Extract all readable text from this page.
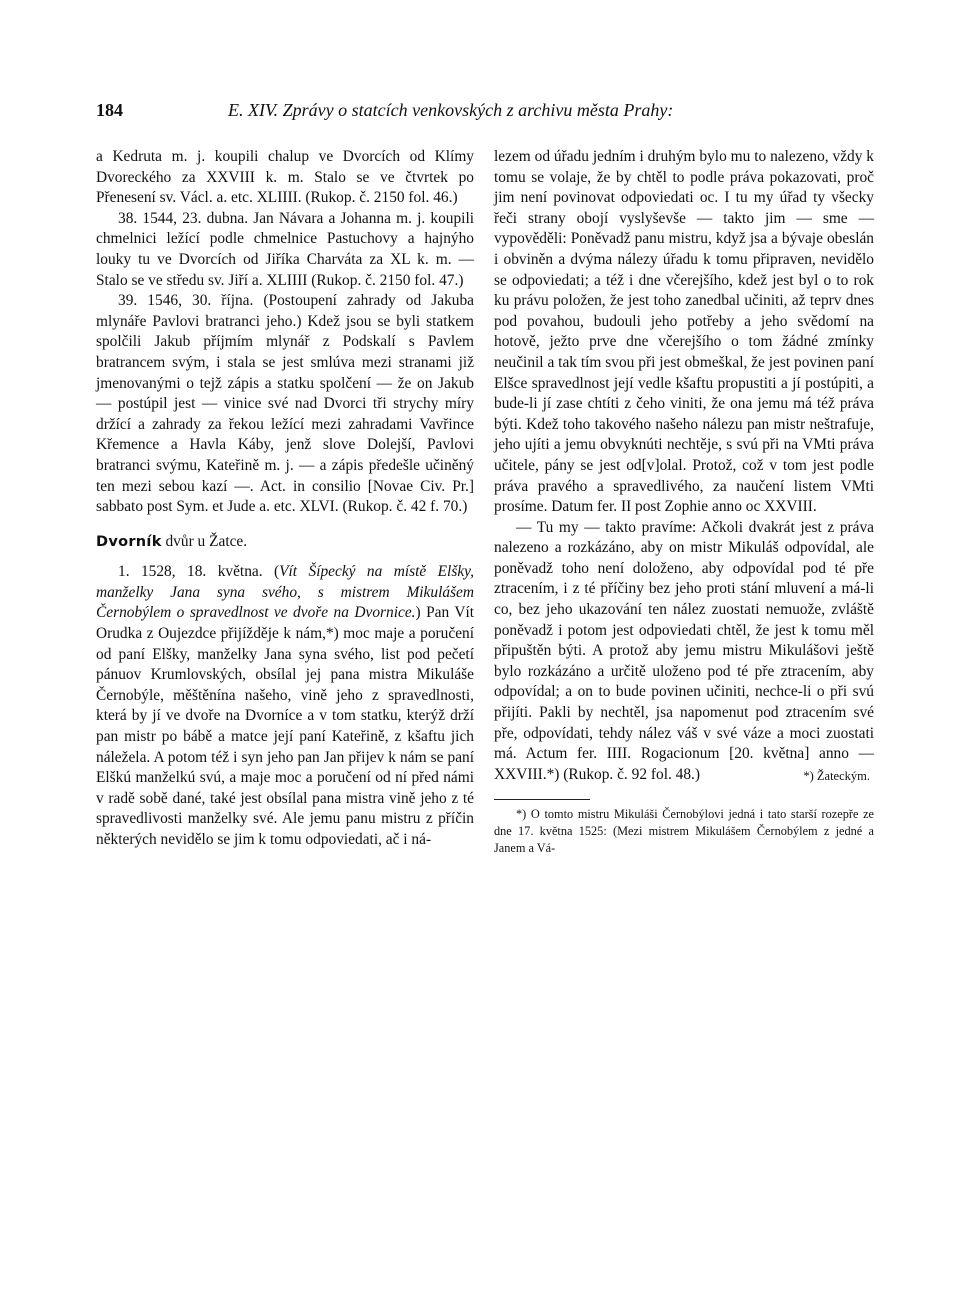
184	E. XIV. Zprávy o statcích venkovských z archivu města Prahy:

a Kedruta m. j. koupili chalup ve Dvorcích od Klímy Dvoreckého za XXVIII k. m. Stalo se ve čtvrtek po Přenesení sv. Václ. a. etc. XLIIII. (Rukop. č. 2150 fol. 46.)

38. 1544, 23. dubna. Jan Návara a Johanna m. j. koupili chmelnici ležící podle chmelnice Pastuchovy a hajnýho louky tu ve Dvorcích od Jiříka Charváta za XL k. m. — Stalo se ve středu sv. Jiří a. XLIIII (Rukop. č. 2150 fol. 47.)

39. 1546, 30. října. (Postoupení zahrady od Jakuba mlynáře Pavlovi bratranci jeho.) Kdež jsou se byli statkem spolčili Jakub příjmím mlynář z Podskalí s Pavlem bratrancem svým, i stala se jest smlúva mezi stranami již jmenovanými o tejž zápis a statku spolčení — že on Jakub — postúpil jest — vinice své nad Dvorci tři strychy míry držící a zahrady za řekou ležící mezi zahradami Vavřince Křemence a Havla Káby, jenž slove Dolejší, Pavlovi bratranci svýmu, Kateřině m. j. — a zápis předešle učiněný ten mezi sebou kazí —. Act. in consilio [Novae Civ. Pr.] sabbato post Sym. et Jude a. etc. XLVI. (Rukop. č. 42 f. 70.)

Dvorník dvůr u Žatce.

1. 1528, 18. května. (Vít Šípecký na místě Elšky, manželky Jana syna svého, s mistrem Mikulášem Černobýlem o spravedlnost ve dvoře na Dvornice.) Pan Vít Orudka z Oujezdce přijížděje k nám,*) moc maje a poručení od paní Elšky, manželky Jana syna svého, list pod pečetí pánuov Krumlovských, obsílal jej pana mistra Mikuláše Černobýle, měštěnína našeho, vině jeho z spravedlnosti, která by jí ve dvoře na Dvorníce a v tom statku, kterýž drží pan mistr po bábě a matce její paní Kateřině, z kšaftu jich náležela. A potom též i syn jeho pan Jan přijev k nám se paní Elškú manželkú svú, a maje moc a poručení od ní před námi v radě sobě dané, také jest obsílal pana mistra vině jeho z té spravedlivosti manželky své. Ale jemu panu mistru z příčin některých nevidělo se jim k tomu odpoviedati, ač i ná-

lezem od úřadu jedním i druhým bylo mu to nalezeno, vždy k tomu se volaje, že by chtěl to podle práva pokazovati, proč jim není povinovat odpoviedati oc. I tu my úřad ty všecky řeči strany obojí vyslyševše — takto jim — sme — vypověděli: Poněvadž panu mistru, když jsa a bývaje obeslán i obviněn a dvýma nálezy úřadu k tomu připraven, nevidělo se odpoviedati; a též i dne včerejšího, kdež jest byl o to rok ku právu položen, že jest toho zanedbal učiniti, až teprv dnes pod povahou, budouli jeho potřeby a jeho svědomí na hotově, ježto prve dne včerejšího o tom žádné zmínky neučinil a tak tím svou při jest obmeškal, že jest povinen paní Elšce spravedlnost její vedle kšaftu propustiti a jí postúpiti, a bude-li jí zase chtíti z čeho viniti, že ona jemu má též práva býti. Kdež toho takového našeho nálezu pan mistr neštrafuje, jeho ujíti a jemu obvyknúti nechtěje, s svú při na VMti práva učitele, pány se jest od[v]olal. Protož, což v tom jest podle práva pravého a spravedlivého, za naučení listem VMti prosíme. Datum fer. II post Zophie anno oc XXVIII.

— Tu my — takto pravíme: Ačkoli dvakrát jest z práva nalezeno a rozkázáno, aby on mistr Mikuláš odpovídal, ale poněvadž toho není doloženo, aby odpovídal pod té pře ztracením, i z té příčiny bez jeho proti stání mluvení a má-li co, bez jeho ukazování ten nález zuostati nemuože, zvláště poněvadž i potom jest odpoviedati chtěl, že jest k tomu měl připuštěn býti. A protož aby jemu mistru Mikulášovi ještě bylo rozkázáno a určitě uloženo pod té pře ztracením, aby odpovídal; a on to bude povinen učiniti, nechce-li o při svú přijíti. Pakli by nechtěl, jsa napomenut pod ztracením své pře, odpovídati, tehdy nález váš v své váze a moci zuostati má. Actum fer. IIII. Rogacionum [20. května] anno — XXVIII.*) (Rukop. č. 92 fol. 48.)	*) Žateckým.

*) O tomto mistru Mikuláši Černobýlovi jedná i tato starší rozepře ze dne 17. května 1525: (Mezi mistrem Mikulášem Černobýlem z jedné a Janem a Vá-
